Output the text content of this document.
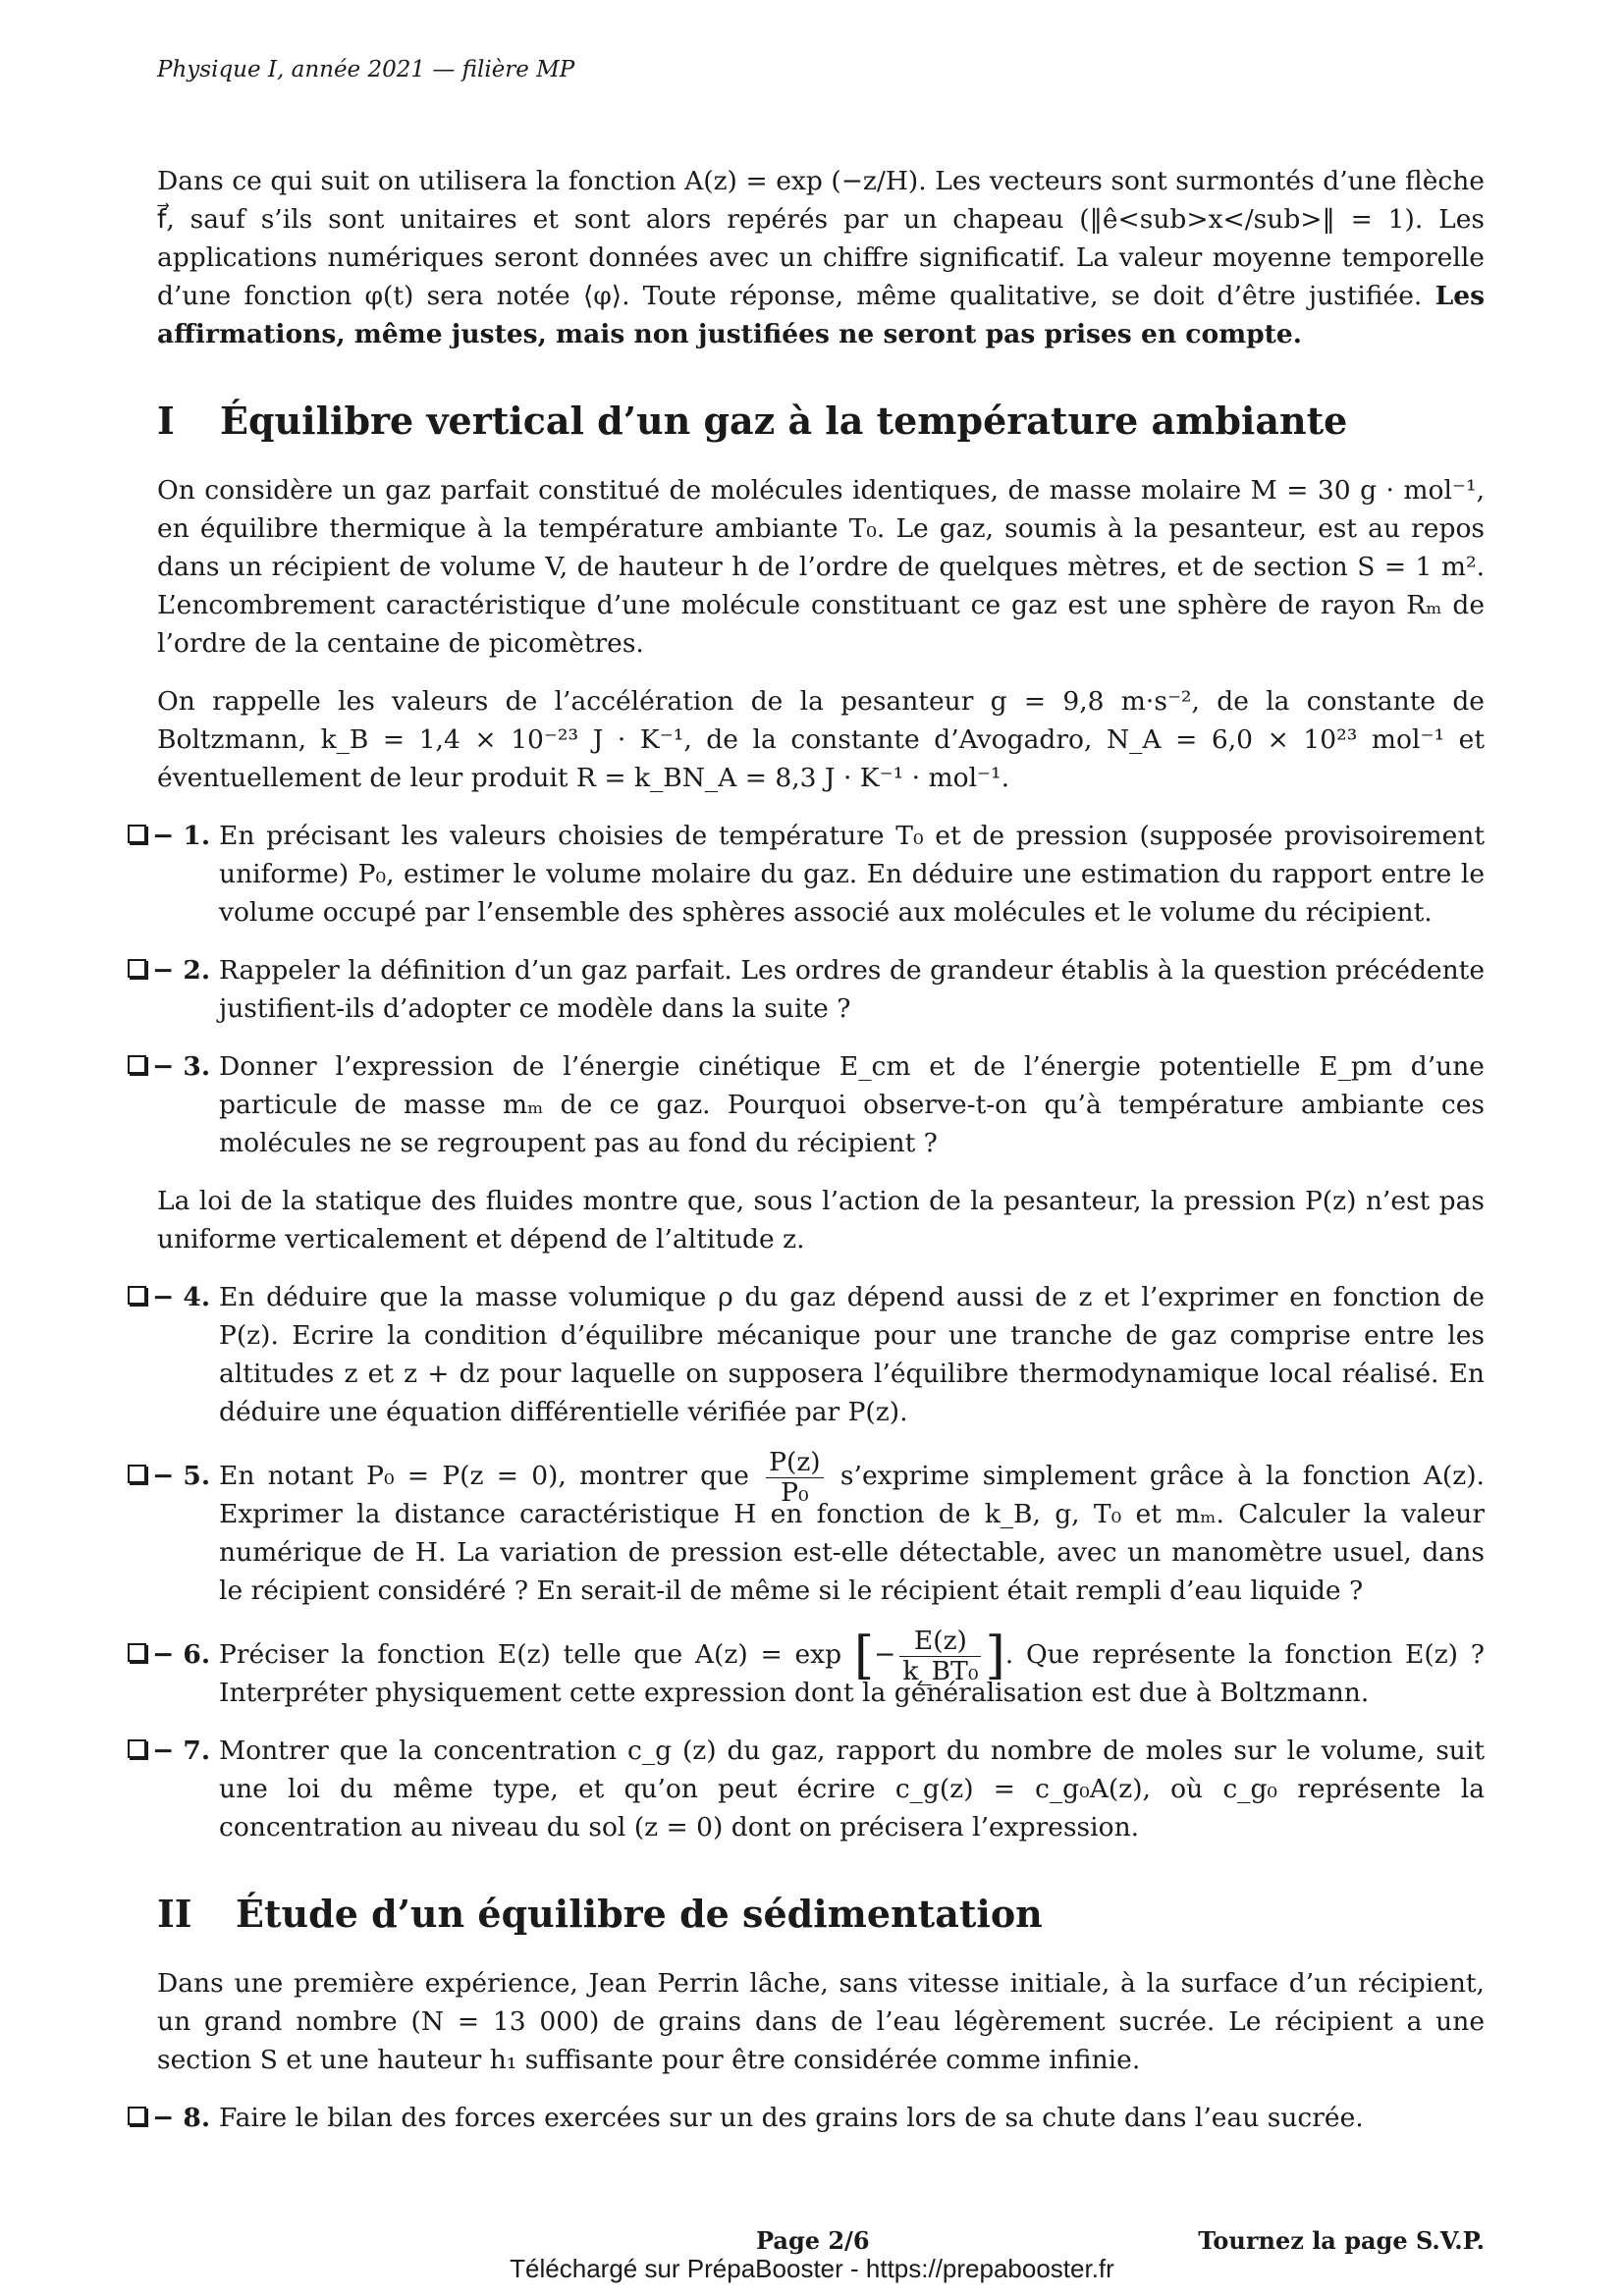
Physique I, année 2021 — filière MP

Dans ce qui suit on utilisera la fonction A(z) = exp (−z/H). Les vecteurs sont surmontés d’une flèche f⃗, sauf s’ils sont unitaires et sont alors repérés par un chapeau (‖ê<sub>x</sub>‖ = 1). Les applications numériques seront données avec un chiffre significatif. La valeur moyenne temporelle d’une fonction φ(t) sera notée ⟨φ⟩. Toute réponse, même qualitative, se doit d’être justifiée. Les affirmations, même justes, mais non justifiées ne seront pas prises en compte.

I Équilibre vertical d’un gaz à la température ambiante

On considère un gaz parfait constitué de molécules identiques, de masse molaire M = 30 g · mol⁻¹, en équilibre thermique à la température ambiante T₀. Le gaz, soumis à la pesanteur, est au repos dans un récipient de volume V, de hauteur h de l’ordre de quelques mètres, et de section S = 1 m². L’encombrement caractéristique d’une molécule constituant ce gaz est une sphère de rayon Rₘ de l’ordre de la centaine de picomètres.

On rappelle les valeurs de l’accélération de la pesanteur g = 9,8 m·s⁻², de la constante de Boltzmann, k_B = 1,4 × 10⁻²³ J · K⁻¹, de la constante d’Avogadro, N_A = 6,0 × 10²³ mol⁻¹ et éventuellement de leur produit R = k_BN_A = 8,3 J · K⁻¹ · mol⁻¹.

− 1. En précisant les valeurs choisies de température T₀ et de pression (supposée provisoirement uniforme) P₀, estimer le volume molaire du gaz. En déduire une estimation du rapport entre le volume occupé par l’ensemble des sphères associé aux molécules et le volume du récipient.
− 2. Rappeler la définition d’un gaz parfait. Les ordres de grandeur établis à la question précédente justifient-ils d’adopter ce modèle dans la suite ?
− 3. Donner l’expression de l’énergie cinétique E_cm et de l’énergie potentielle E_pm d’une particule de masse mₘ de ce gaz. Pourquoi observe-t-on qu’à température ambiante ces molécules ne se regroupent pas au fond du récipient ?

La loi de la statique des fluides montre que, sous l’action de la pesanteur, la pression P(z) n’est pas uniforme verticalement et dépend de l’altitude z.

− 4. En déduire que la masse volumique ρ du gaz dépend aussi de z et l’exprimer en fonction de P(z). Ecrire la condition d’équilibre mécanique pour une tranche de gaz comprise entre les altitudes z et z + dz pour laquelle on supposera l’équilibre thermodynamique local réalisé. En déduire une équation différentielle vérifiée par P(z).
− 5. En notant P₀ = P(z = 0), montrer que $\frac{P(z)}{\text{P₀}}$ s’exprime simplement grâce à la fonction A(z). Exprimer la distance caractéristique H en fonction de k_B, g, T₀ et mₘ. Calculer la valeur numérique de H. La variation de pression est-elle détectable, avec un manomètre usuel, dans le récipient considéré ? En serait-il de même si le récipient était rempli d’eau liquide ?
− 6. Préciser la fonction E(z) telle que A(z) = exp [− $\frac{E(z)}{\text{k\_BT₀}}$ ]. Que représente la fonction E(z) ? Interpréter physiquement cette expression dont la généralisation est due à Boltzmann.
− 7. Montrer que la concentration c_g (z) du gaz, rapport du nombre de moles sur le volume, suit une loi du même type, et qu’on peut écrire c_g(z) = c_g₀A(z), où c_g₀ représente la concentration au niveau du sol (z = 0) dont on précisera l’expression.
II Étude d’un équilibre de sédimentation

Dans une première expérience, Jean Perrin lâche, sans vitesse initiale, à la surface d’un récipient, un grand nombre (N = 13 000) de grains dans de l’eau légèrement sucrée. Le récipient a une section S et une hauteur h₁ suffisante pour être considérée comme infinie.

− 8. Faire le bilan des forces exercées sur un des grains lors de sa chute dans l’eau sucrée.
Page 2/6	Tournez la page S.V.P.
Téléchargé sur PrépaBooster - https://prepabooster.fr
